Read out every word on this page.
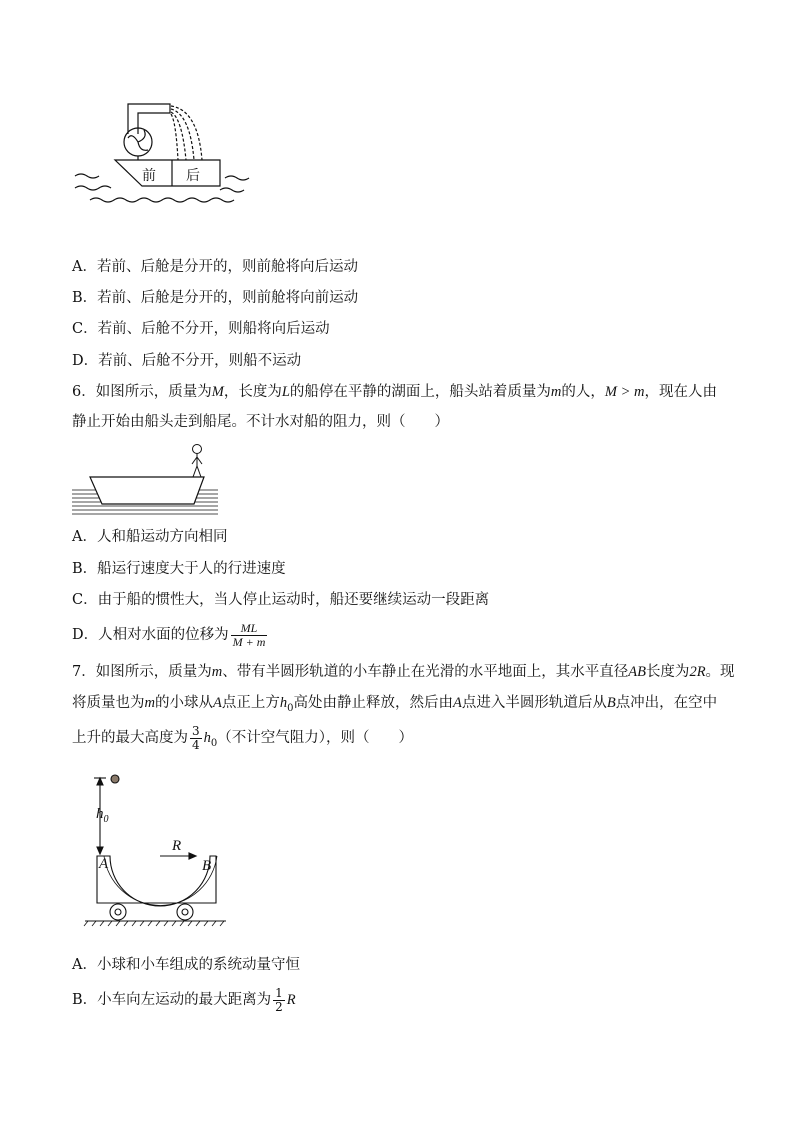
前 后
A．若前、后舱是分开的，则前舱将向后运动
B．若前、后舱是分开的，则前舱将向前运动
C．若前、后舱不分开，则船将向后运动
D．若前、后舱不分开，则船不运动
6．如图所示，质量为M，长度为L的船停在平静的湖面上，船头站着质量为m的人，M > m，现在人由
静止开始由船头走到船尾。不计水对船的阻力，则（　　）
A．人和船运动方向相同
B．船运行速度大于人的行进速度
C．由于船的惯性大，当人停止运动时，船还要继续运动一段距离
D．人相对水面的位移为 $\frac{ML}{M + m}$
7．如图所示，质量为m、带有半圆形轨道的小车静止在光滑的水平地面上，其水平直径AB长度为2R。现
将质量也为m的小球从A点正上方$h_0$高处由静止释放，然后由A点进入半圆形轨道后从B点冲出，在空中
上升的最大高度为 $\frac{3}{4} h_0$（不计空气阻力），则（　　）
$h_0$
R
A	B
A．小球和小车组成的系统动量守恒
B．小车向左运动的最大距离为 $\frac{1}{2}$ R
